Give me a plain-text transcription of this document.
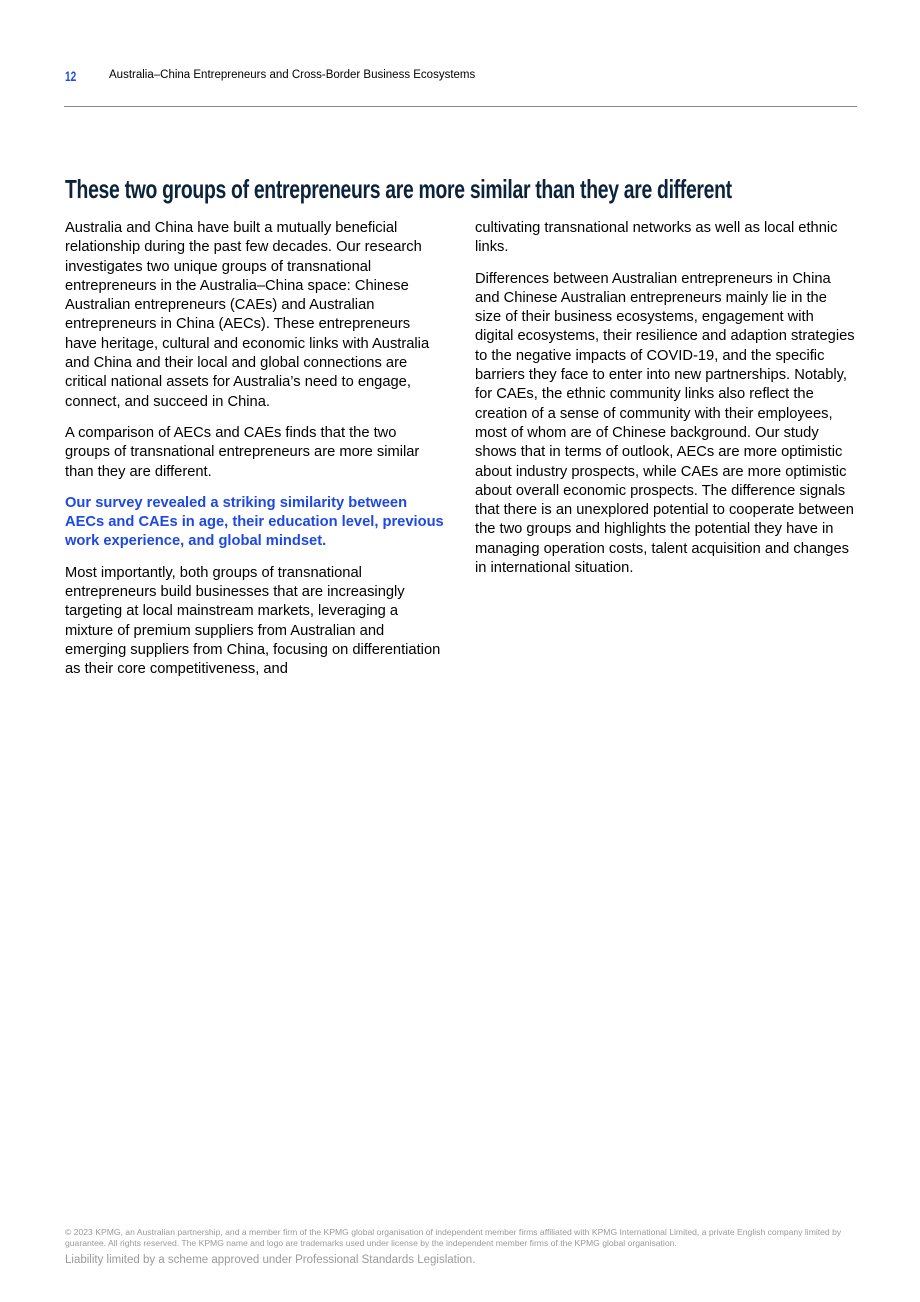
12	Australia–China Entrepreneurs and Cross-Border Business Ecosystems
These two groups of entrepreneurs are more similar than they are different

Australia and China have built a mutually beneficial relationship during the past few decades. Our research investigates two unique groups of transnational entrepreneurs in the Australia–China space: Chinese Australian entrepreneurs (CAEs) and Australian entrepreneurs in China (AECs). These entrepreneurs have heritage, cultural and economic links with Australia and China and their local and global connections are critical national assets for Australia’s need to engage, connect, and succeed in China.

A comparison of AECs and CAEs finds that the two groups of transnational entrepreneurs are more similar than they are different.

Our survey revealed a striking similarity between AECs and CAEs in age, their education level, previous work experience, and global mindset.

Most importantly, both groups of transnational entrepreneurs build businesses that are increasingly targeting at local mainstream markets, leveraging a mixture of premium suppliers from Australian and emerging suppliers from China, focusing on differentiation as their core competitiveness, and

cultivating transnational networks as well as local ethnic links.

Differences between Australian entrepreneurs in China and Chinese Australian entrepreneurs mainly lie in the size of their business ecosystems, engagement with digital ecosystems, their resilience and adaption strategies to the negative impacts of COVID-19, and the specific barriers they face to enter into new partnerships. Notably, for CAEs, the ethnic community links also reflect the creation of a sense of community with their employees, most of whom are of Chinese background. Our study shows that in terms of outlook, AECs are more optimistic about industry prospects, while CAEs are more optimistic about overall economic prospects. The difference signals that there is an unexplored potential to cooperate between the two groups and highlights the potential they have in managing operation costs, talent acquisition and changes in international situation.

© 2023 KPMG, an Australian partnership, and a member firm of the KPMG global organisation of independent member firms affiliated with KPMG International Limited, a private English company limited by guarantee. All rights reserved. The KPMG name and logo are trademarks used under license by the independent member firms of the KPMG global organisation.

Liability limited by a scheme approved under Professional Standards Legislation.
